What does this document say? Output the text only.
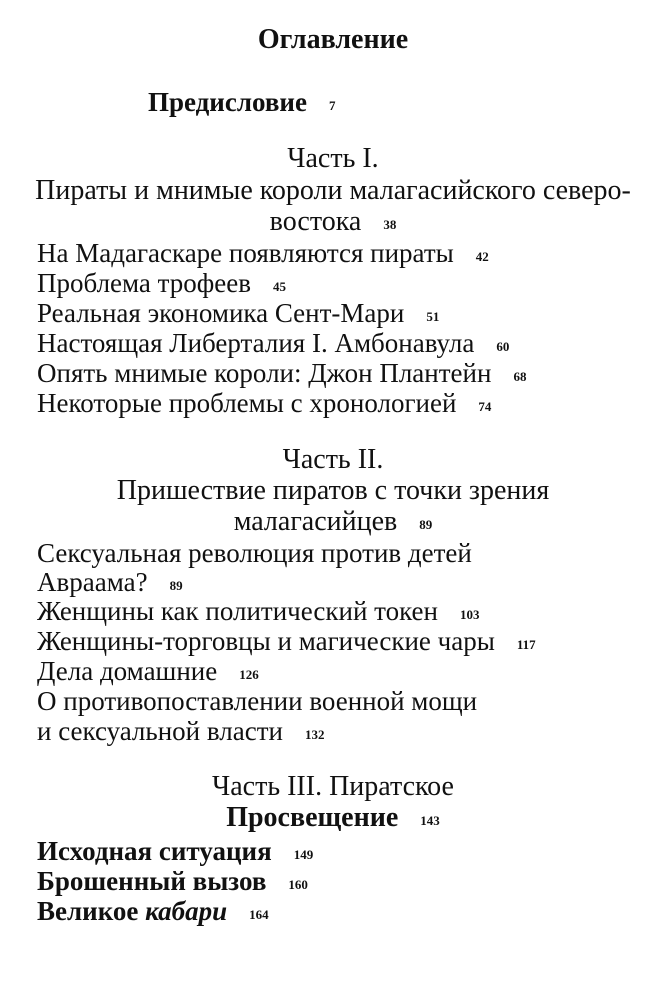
Оглавление
Предисловие 7
Часть I.
Пираты и мнимые короли малагасийского северо-
востока 38
На Мадагаскаре появляются пираты 42
Проблема трофеев 45
Реальная экономика Сент-Мари 51
Настоящая Либерталия I. Амбонавула 60
Опять мнимые короли: Джон Плантейн 68
Некоторые проблемы с хронологией 74
Часть II.
Пришествие пиратов с точки зрения
малагасийцев 89
Сексуальная революция против детей
Авраама? 89
Женщины как политический токен 103
Женщины-торговцы и магические чары 117
Дела домашние 126
О противопоставлении военной мощи
и сексуальной власти 132
Часть III. Пиратское
Просвещение 143
Исходная ситуация 149
Брошенный вызов 160
Великое кабари 164
